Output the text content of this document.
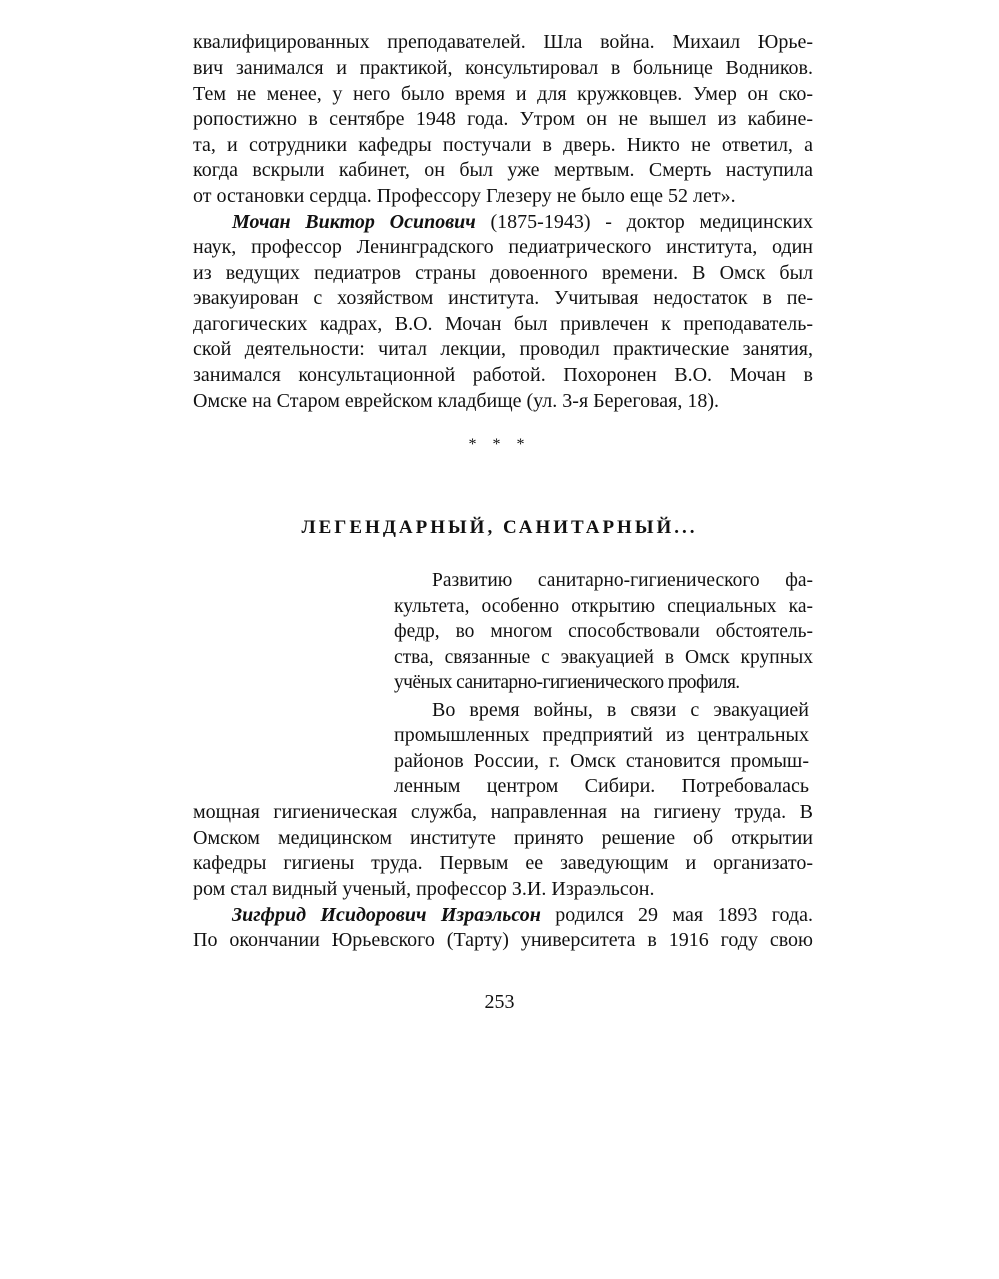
квалифицированных преподавателей. Шла война. Михаил Юрье-

вич занимался и практикой, консультировал в больнице Водников.

Тем не менее, у него было время и для кружковцев. Умер он ско-

ропостижно в сентябре 1948 года. Утром он не вышел из кабине-

та, и сотрудники кафедры постучали в дверь. Никто не ответил, а

когда вскрыли кабинет, он был уже мертвым. Смерть наступила

от остановки сердца. Профессору Глезеру не было еще 52 лет».

Мочан Виктор Осипович (1875-1943) - доктор медицинских

наук, профессор Ленинградского педиатрического института, один

из ведущих педиатров страны довоенного времени. В Омск был

эвакуирован с хозяйством института. Учитывая недостаток в пе-

дагогических кадрах, В.О. Мочан был привлечен к преподаватель-

ской деятельности: читал лекции, проводил практические занятия,

занимался консультационной работой. Похоронен В.О. Мочан в

Омске на Старом еврейском кладбище (ул. 3-я Береговая, 18).

* * *
ЛЕГЕНДАРНЫЙ, САНИТАРНЫЙ...

Развитию санитарно-гигиенического фа-

культета, особенно открытию специальных ка-

федр, во многом способствовали обстоятель-

ства, связанные с эвакуацией в Омск крупных

учёных санитарно-гигиенического профиля.

Во время войны, в связи с эвакуацией

промышленных предприятий из центральных

районов России, г. Омск становится промыш-

ленным центром Сибири. Потребовалась

мощная гигиеническая служба, направленная на гигиену труда. В

Омском медицинском институте принято решение об открытии

кафедры гигиены труда. Первым ее заведующим и организато-

ром стал видный ученый, профессор З.И. Израэльсон.

Зигфрид Исидорович Израэльсон родился 29 мая 1893 года.

По окончании Юрьевского (Тарту) университета в 1916 году свою

253
